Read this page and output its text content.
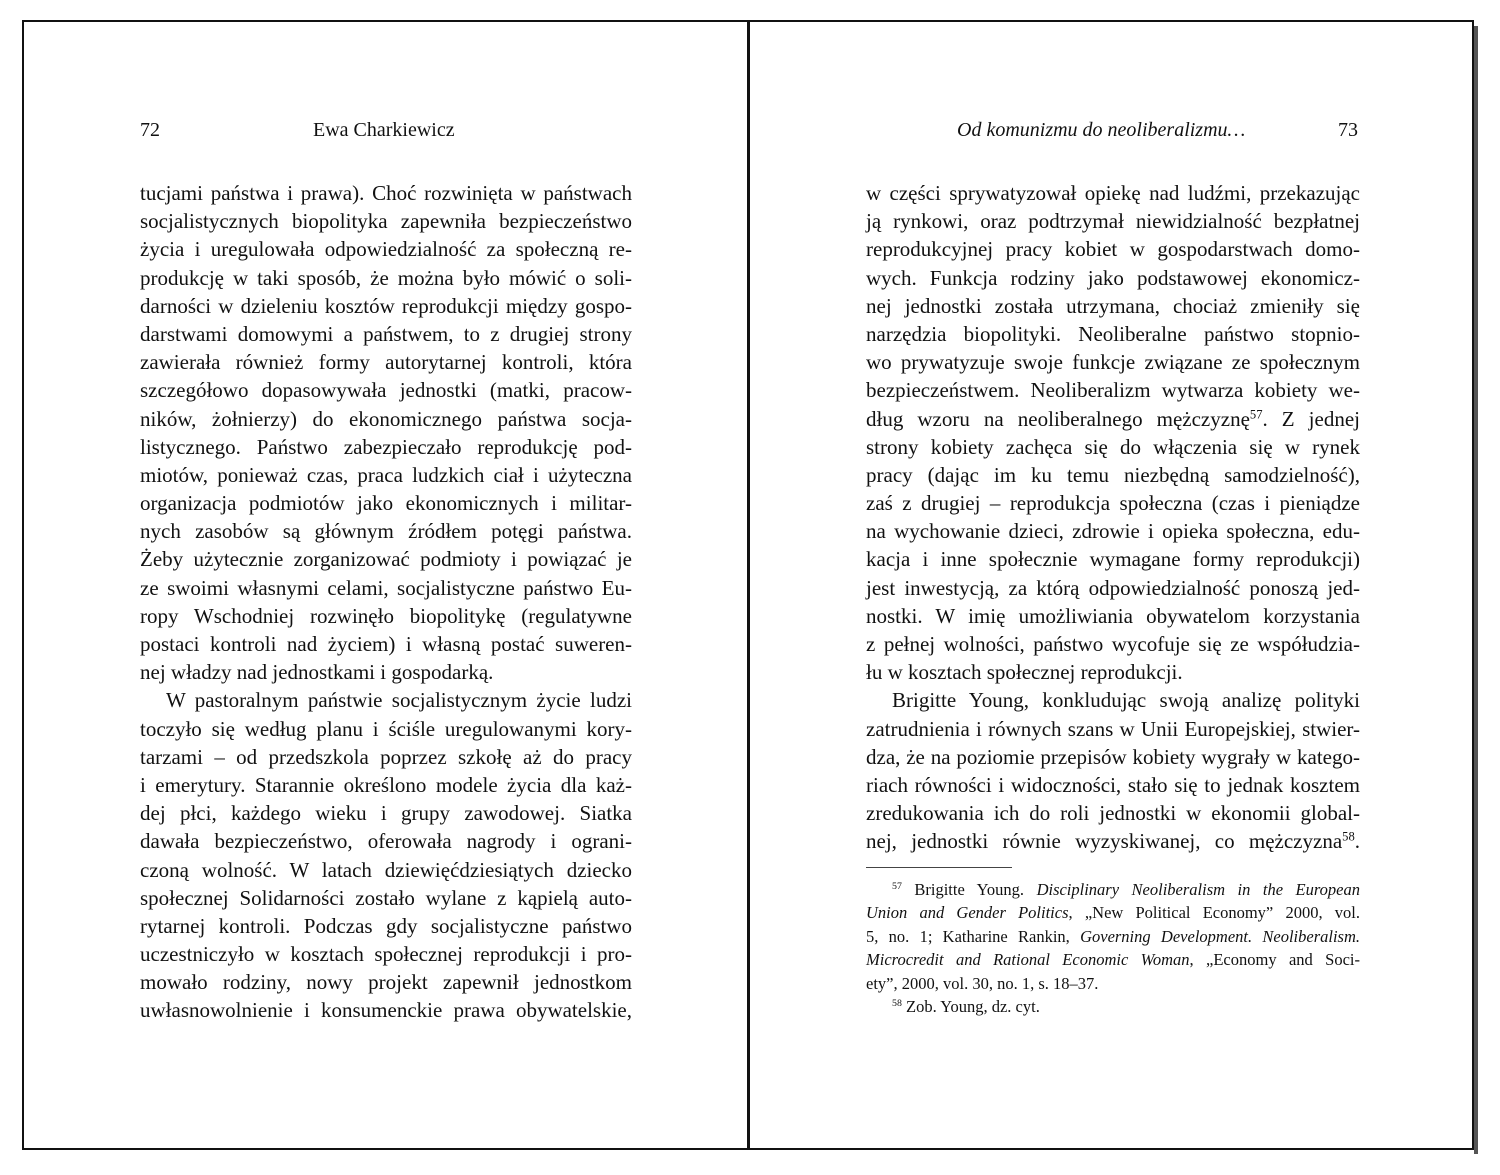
72	Ewa Charkiewicz
tucjami państwa i prawa). Choć rozwinięta w państwach
socjalistycznych biopolityka zapewniła bezpieczeństwo
życia i uregulowała odpowiedzialność za społeczną re-
produkcję w taki sposób, że można było mówić o soli-
darności w dzieleniu kosztów reprodukcji między gospo-
darstwami domowymi a państwem, to z drugiej strony
zawierała również formy autorytarnej kontroli, która
szczegółowo dopasowywała jednostki (matki, pracow-
ników, żołnierzy) do ekonomicznego państwa socja-
listycznego. Państwo zabezpieczało reprodukcję pod-
miotów, ponieważ czas, praca ludzkich ciał i użyteczna
organizacja podmiotów jako ekonomicznych i militar-
nych zasobów są głównym źródłem potęgi państwa.
Żeby użytecznie zorganizować podmioty i powiązać je
ze swoimi własnymi celami, socjalistyczne państwo Eu-
ropy Wschodniej rozwinęło biopolitykę (regulatywne
postaci kontroli nad życiem) i własną postać suweren-
nej władzy nad jednostkami i gospodarką.
W pastoralnym państwie socjalistycznym życie ludzi
toczyło się według planu i ściśle uregulowanymi kory-
tarzami – od przedszkola poprzez szkołę aż do pracy
i emerytury. Starannie określono modele życia dla każ-
dej płci, każdego wieku i grupy zawodowej. Siatka
dawała bezpieczeństwo, oferowała nagrody i ograni-
czoną wolność. W latach dziewięćdziesiątych dziecko
społecznej Solidarności zostało wylane z kąpielą auto-
rytarnej kontroli. Podczas gdy socjalistyczne państwo
uczestniczyło w kosztach społecznej reprodukcji i pro-
mowało rodziny, nowy projekt zapewnił jednostkom
uwłasnowolnienie i konsumenckie prawa obywatelskie,
Od komunizmu do neoliberalizmu…	73
w części sprywatyzował opiekę nad ludźmi, przekazując
ją rynkowi, oraz podtrzymał niewidzialność bezpłatnej
reprodukcyjnej pracy kobiet w gospodarstwach domo-
wych. Funkcja rodziny jako podstawowej ekonomicz-
nej jednostki została utrzymana, chociaż zmieniły się
narzędzia biopolityki. Neoliberalne państwo stopnio-
wo prywatyzuje swoje funkcje związane ze społecznym
bezpieczeństwem. Neoliberalizm wytwarza kobiety we-
dług wzoru na neoliberalnego mężczyznę$^{57}$. Z jednej
strony kobiety zachęca się do włączenia się w rynek
pracy (dając im ku temu niezbędną samodzielność),
zaś z drugiej – reprodukcja społeczna (czas i pieniądze
na wychowanie dzieci, zdrowie i opieka społeczna, edu-
kacja i inne społecznie wymagane formy reprodukcji)
jest inwestycją, za którą odpowiedzialność ponoszą jed-
nostki. W imię umożliwiania obywatelom korzystania
z pełnej wolności, państwo wycofuje się ze współudzia-
łu w kosztach społecznej reprodukcji.
Brigitte Young, konkludując swoją analizę polityki
zatrudnienia i równych szans w Unii Europejskiej, stwier-
dza, że na poziomie przepisów kobiety wygrały w katego-
riach równości i widoczności, stało się to jednak kosztem
zredukowania ich do roli jednostki w ekonomii global-
nej, jednostki równie wyzyskiwanej, co mężczyzna$^{58}$.
$^{57}$ Brigitte Young. Disciplinary Neoliberalism in the European
Union and Gender Politics, „New Political Economy” 2000, vol.
5, no. 1; Katharine Rankin, Governing Development. Neoliberalism.
Microcredit and Rational Economic Woman, „Economy and Soci-
ety”, 2000, vol. 30, no. 1, s. 18–37.
$^{58}$ Zob. Young, dz. cyt.
